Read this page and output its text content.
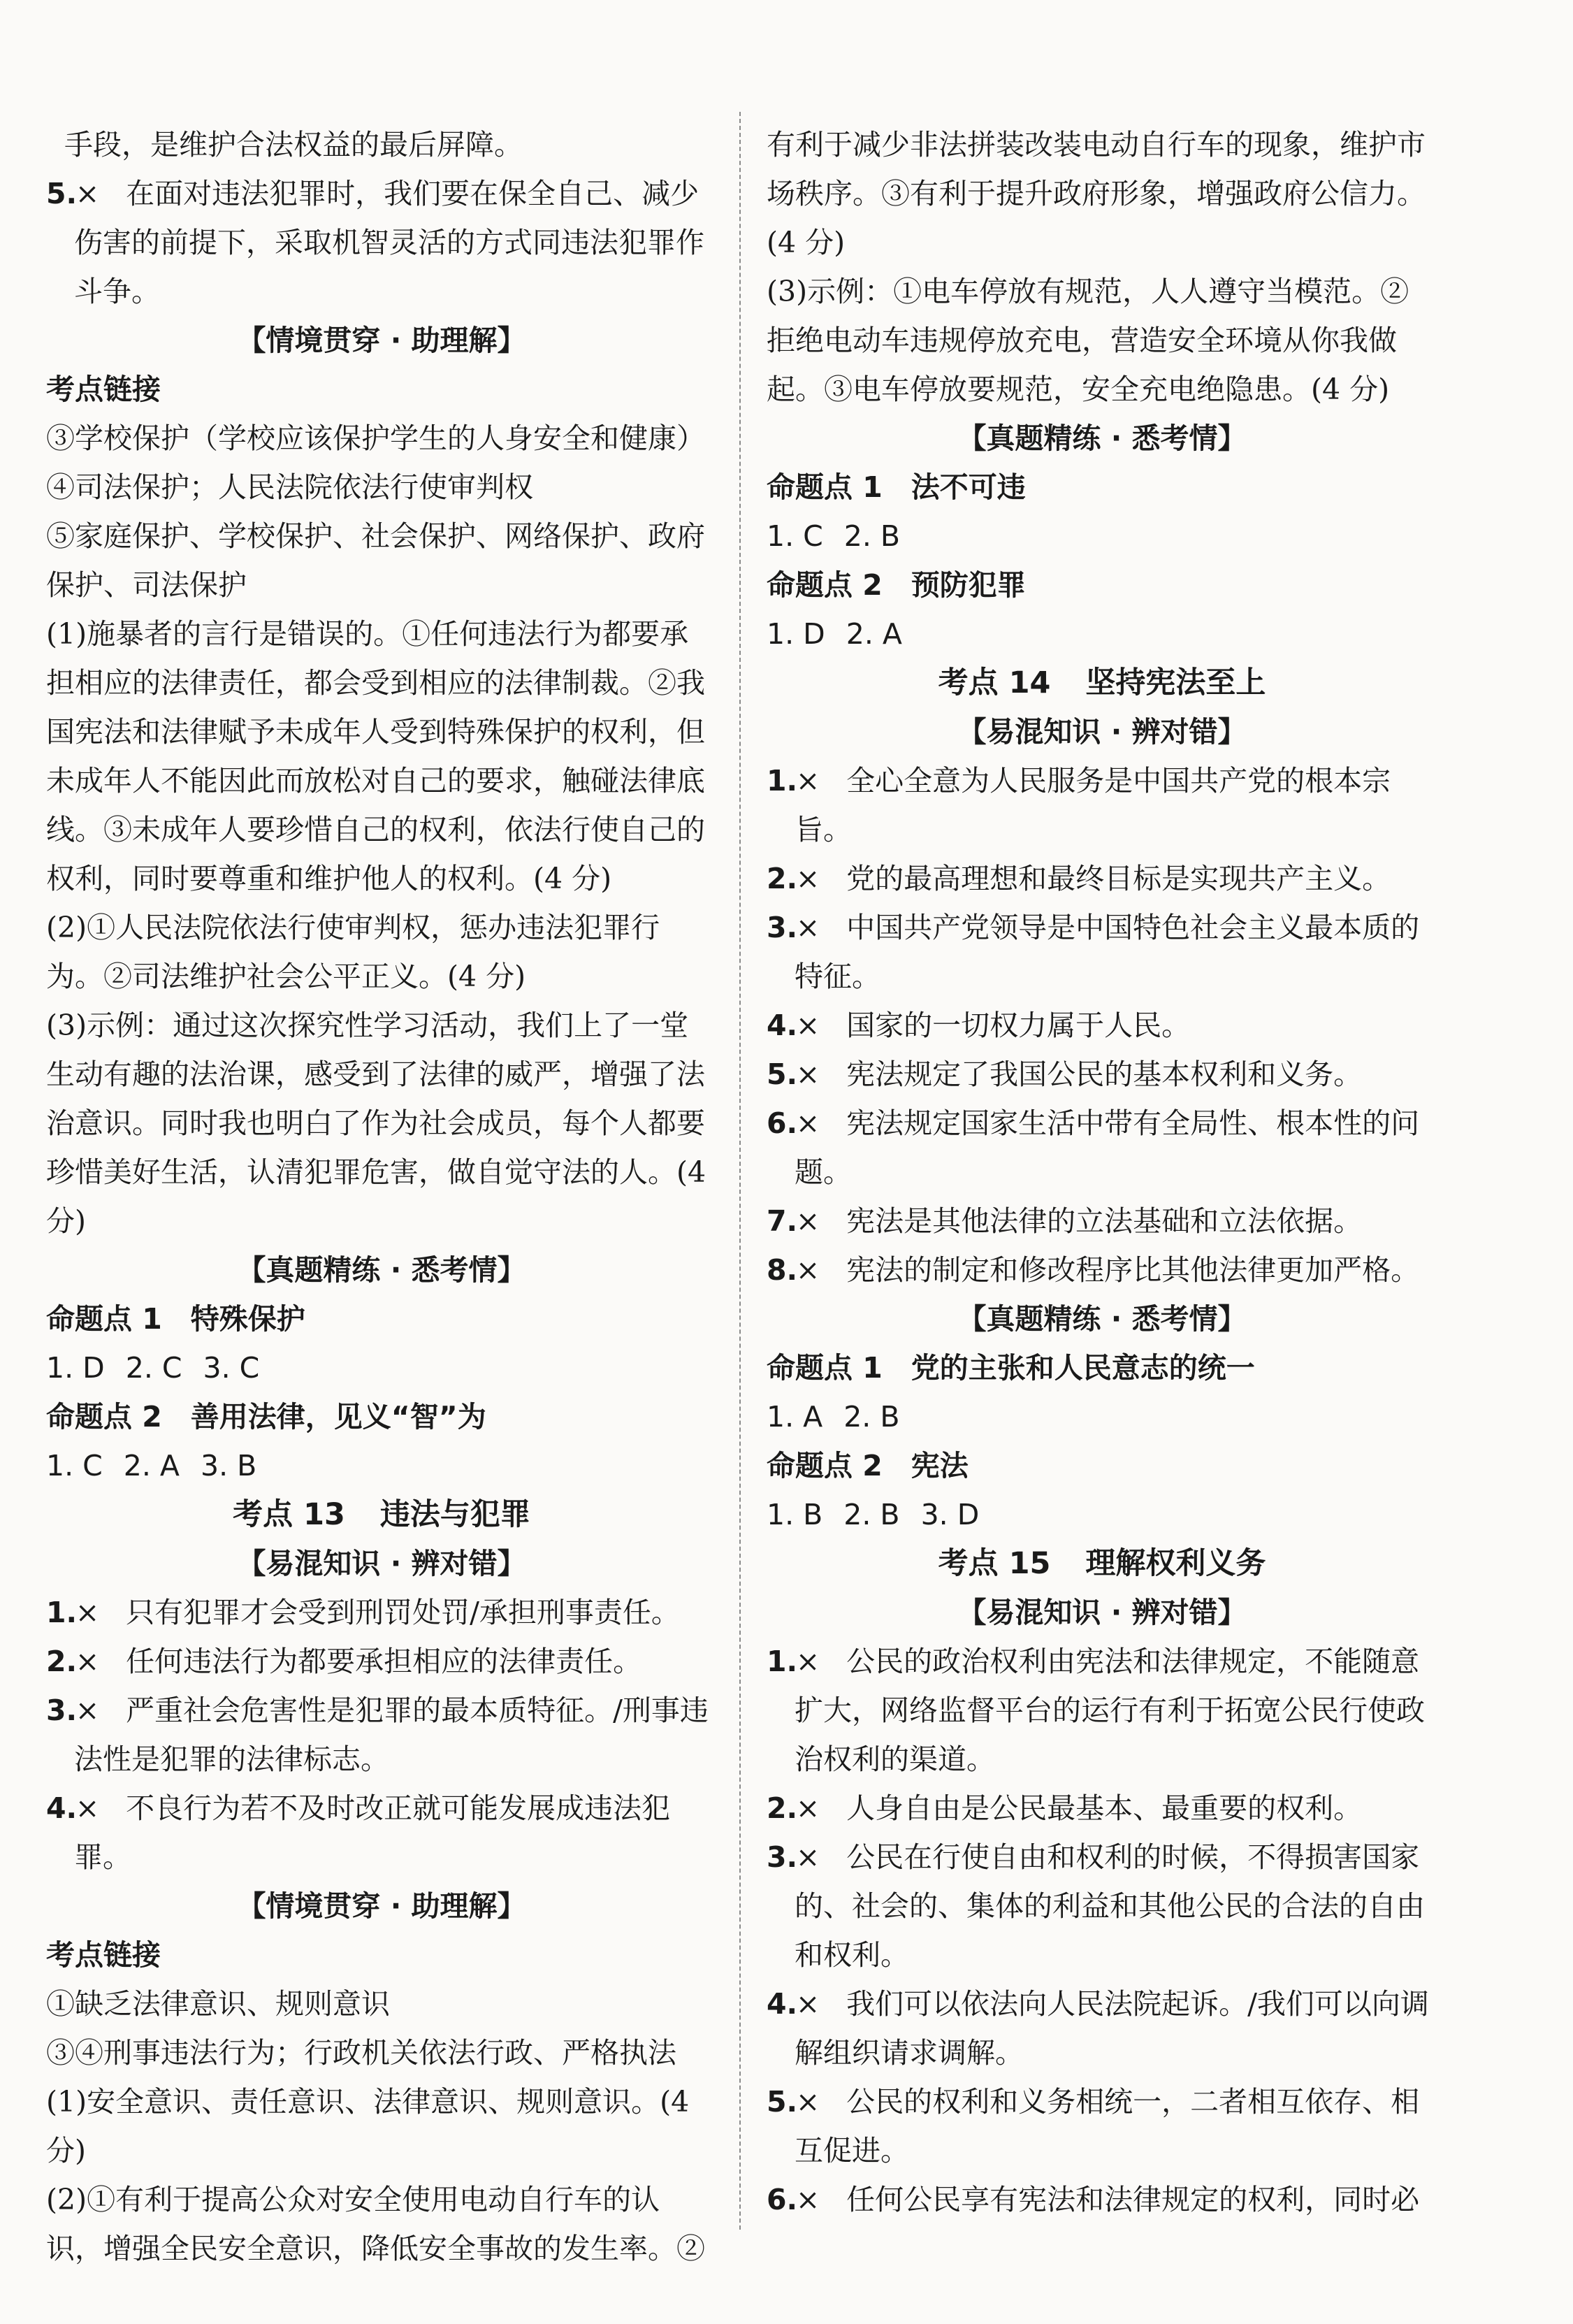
手段，是维护合法权益的最后屏障。
5.× 在面对违法犯罪时，我们要在保全自己、减少伤害的前提下，采取机智灵活的方式同违法犯罪作斗争。
【情境贯穿 · 助理解】
考点链接
③学校保护（学校应该保护学生的人身安全和健康）
④司法保护；人民法院依法行使审判权
⑤家庭保护、学校保护、社会保护、网络保护、政府保护、司法保护
(1)施暴者的言行是错误的。①任何违法行为都要承担相应的法律责任，都会受到相应的法律制裁。②我国宪法和法律赋予未成年人受到特殊保护的权利，但未成年人不能因此而放松对自己的要求，触碰法律底线。③未成年人要珍惜自己的权利，依法行使自己的权利，同时要尊重和维护他人的权利。(4 分)
(2)①人民法院依法行使审判权，惩办违法犯罪行为。②司法维护社会公平正义。(4 分)
(3)示例：通过这次探究性学习活动，我们上了一堂生动有趣的法治课，感受到了法律的威严，增强了法治意识。同时我也明白了作为社会成员，每个人都要珍惜美好生活，认清犯罪危害，做自觉守法的人。(4 分)
【真题精练 · 悉考情】
命题点 1　特殊保护
1. D 2. C 3. C
命题点 2　善用法律，见义“智”为
1. C 2. A 3. B
考点 13 违法与犯罪
【易混知识 · 辨对错】
1.× 只有犯罪才会受到刑罚处罚/承担刑事责任。
2.× 任何违法行为都要承担相应的法律责任。
3.× 严重社会危害性是犯罪的最本质特征。/刑事违法性是犯罪的法律标志。
4.× 不良行为若不及时改正就可能发展成违法犯罪。
【情境贯穿 · 助理解】
考点链接
①缺乏法律意识、规则意识
③④刑事违法行为；行政机关依法行政、严格执法
(1)安全意识、责任意识、法律意识、规则意识。(4 分)
(2)①有利于提高公众对安全使用电动自行车的认识，增强全民安全意识，降低安全事故的发生率。②
有利于减少非法拼装改装电动自行车的现象，维护市场秩序。③有利于提升政府形象，增强政府公信力。(4 分)
(3)示例：①电车停放有规范，人人遵守当模范。②拒绝电动车违规停放充电，营造安全环境从你我做起。③电车停放要规范，安全充电绝隐患。(4 分)
【真题精练 · 悉考情】
命题点 1　法不可违
1. C 2. B
命题点 2　预防犯罪
1. D 2. A
考点 14 坚持宪法至上
【易混知识 · 辨对错】
1.× 全心全意为人民服务是中国共产党的根本宗旨。
2.× 党的最高理想和最终目标是实现共产主义。
3.× 中国共产党领导是中国特色社会主义最本质的特征。
4.× 国家的一切权力属于人民。
5.× 宪法规定了我国公民的基本权利和义务。
6.× 宪法规定国家生活中带有全局性、根本性的问题。
7.× 宪法是其他法律的立法基础和立法依据。
8.× 宪法的制定和修改程序比其他法律更加严格。
【真题精练 · 悉考情】
命题点 1　党的主张和人民意志的统一
1. A 2. B
命题点 2　宪法
1. B 2. B 3. D
考点 15 理解权利义务
【易混知识 · 辨对错】
1.× 公民的政治权利由宪法和法律规定，不能随意扩大，网络监督平台的运行有利于拓宽公民行使政治权利的渠道。
2.× 人身自由是公民最基本、最重要的权利。
3.× 公民在行使自由和权利的时候，不得损害国家的、社会的、集体的利益和其他公民的合法的自由和权利。
4.× 我们可以依法向人民法院起诉。/我们可以向调解组织请求调解。
5.× 公民的权利和义务相统一，二者相互依存、相互促进。
6.× 任何公民享有宪法和法律规定的权利，同时必
